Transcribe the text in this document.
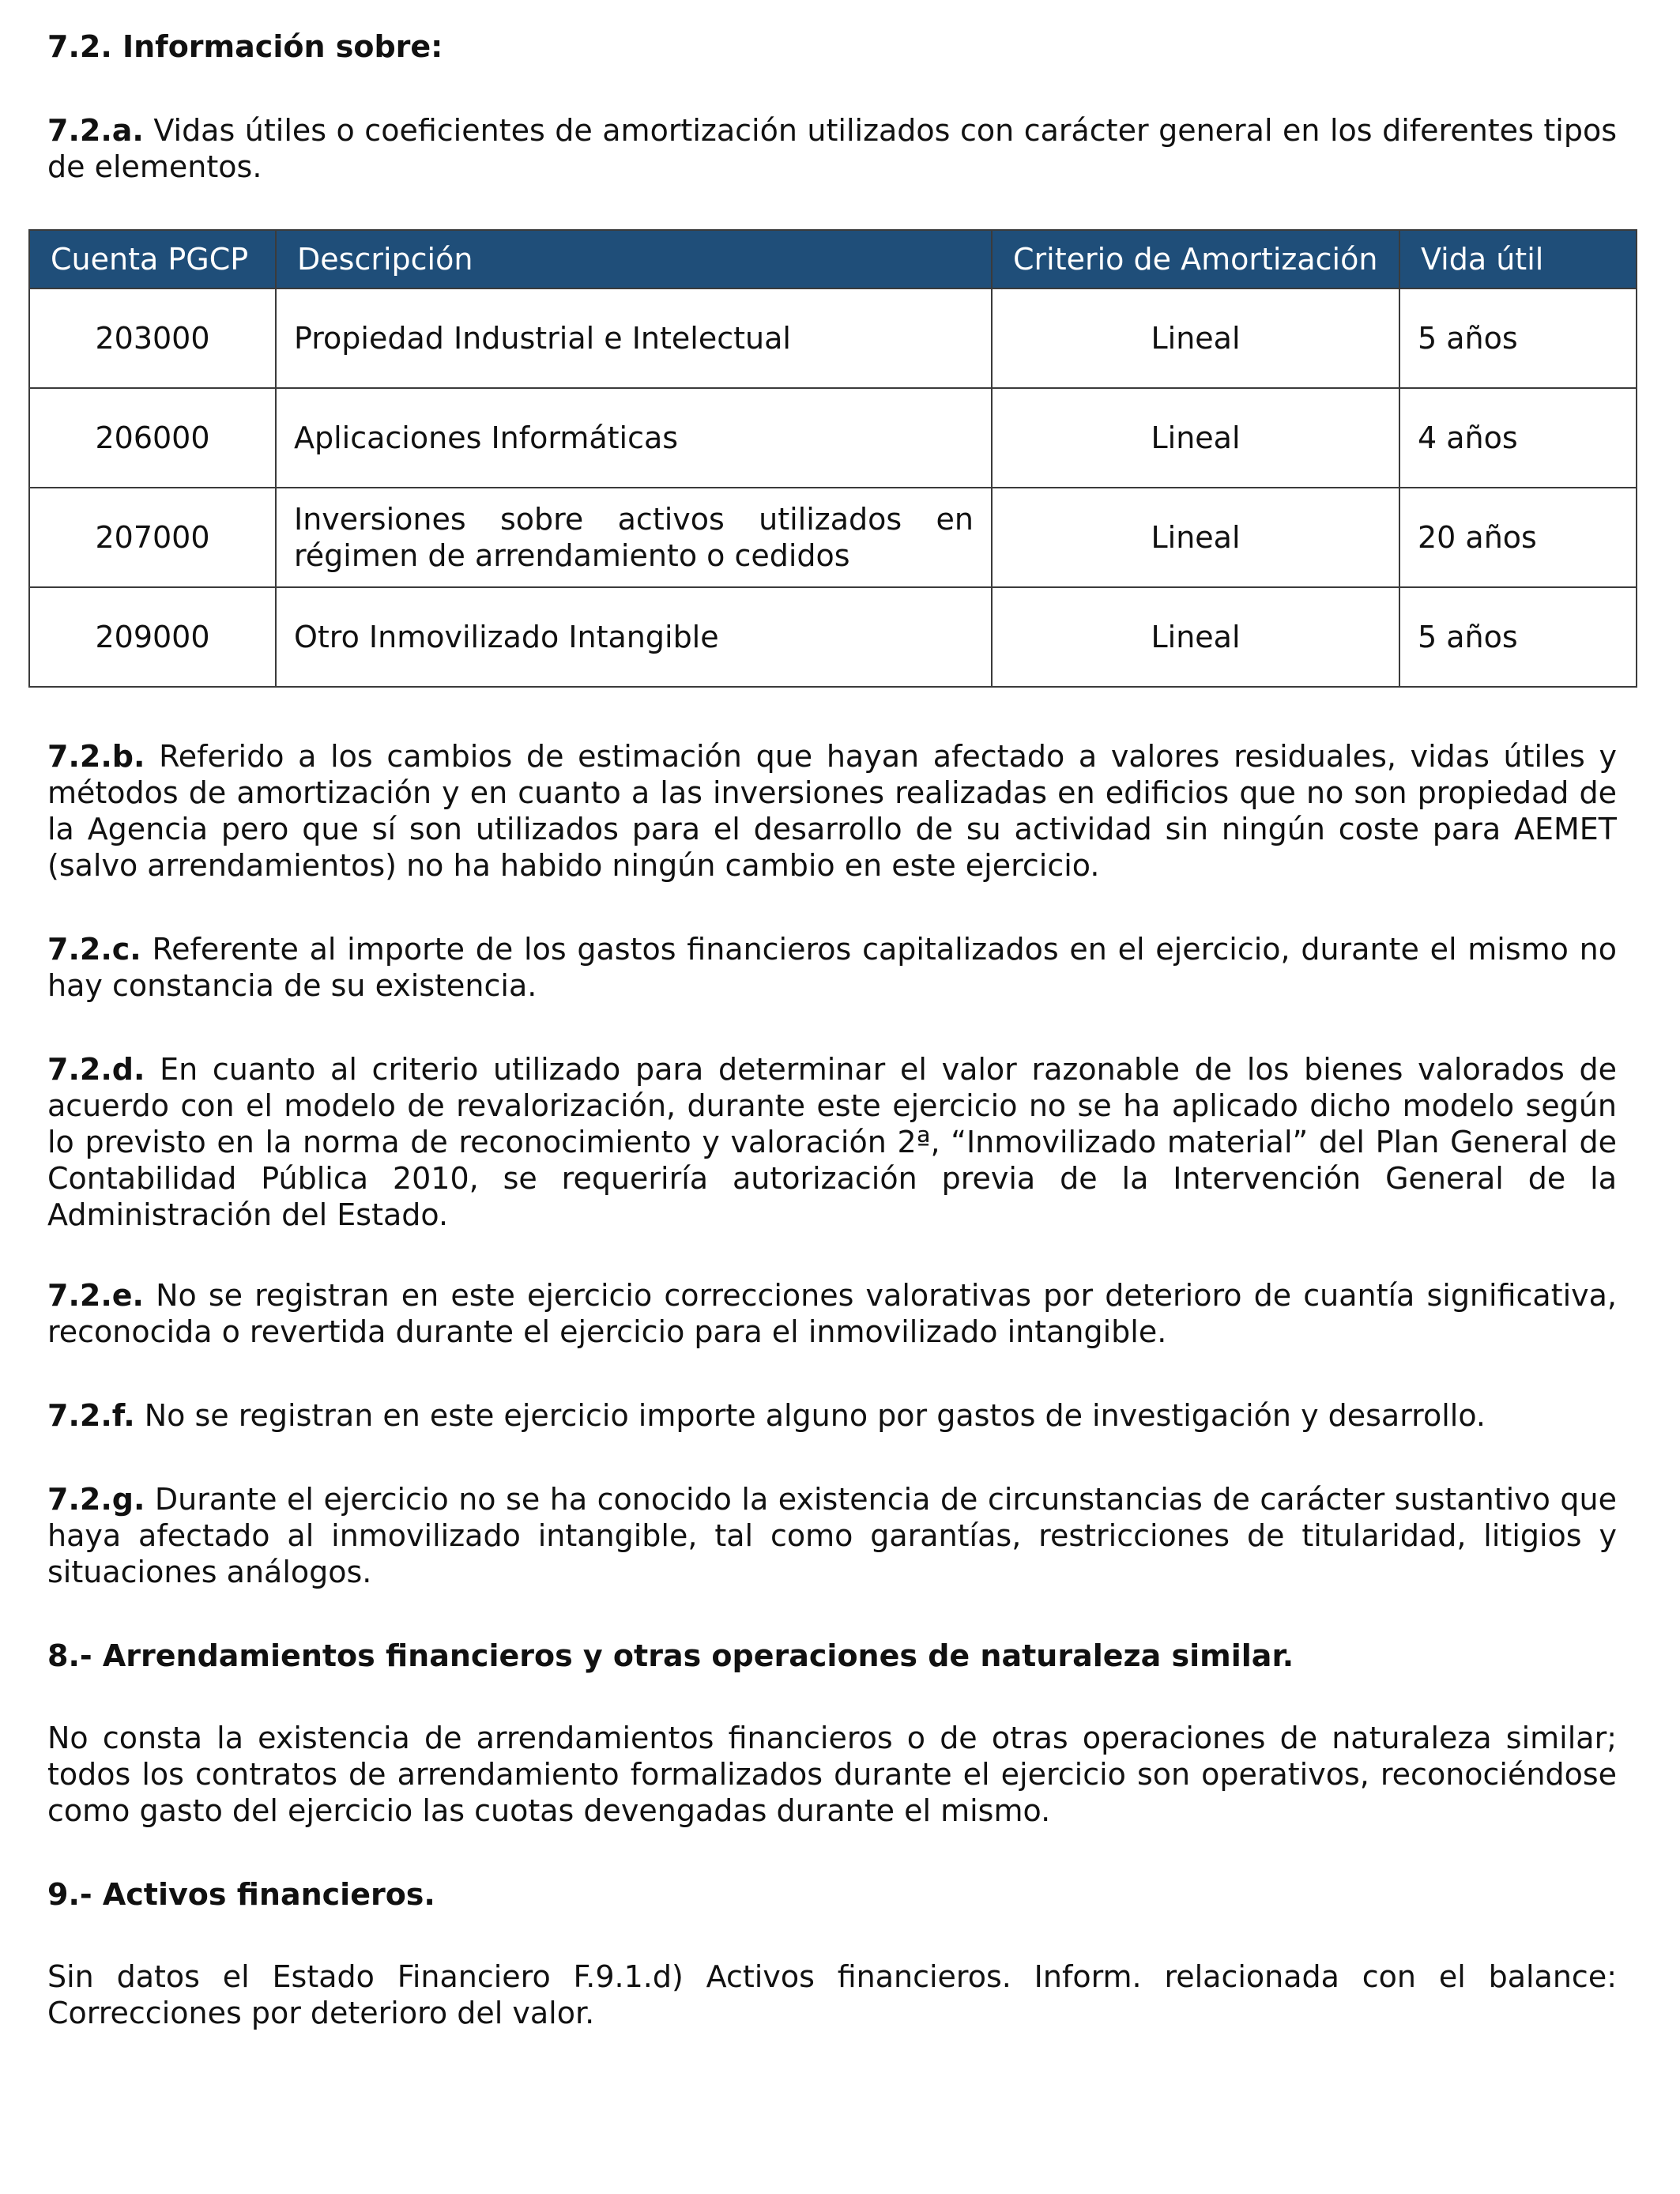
7.2. Información sobre:

7.2.a. Vidas útiles o coeficientes de amortización utilizados con carácter general en los diferentes tipos de elementos.

Cuenta PGCP	Descripción	Criterio de Amortización	Vida útil
203000	Propiedad Industrial e Intelectual	Lineal	5 años
206000	Aplicaciones Informáticas	Lineal	4 años
207000	Inversiones sobre activos utilizados en régimen de arrendamiento o cedidos	Lineal	20 años
209000	Otro Inmovilizado Intangible	Lineal	5 años

7.2.b. Referido a los cambios de estimación que hayan afectado a valores residuales, vidas útiles y métodos de amortización y en cuanto a las inversiones realizadas en edificios que no son propiedad de la Agencia pero que sí son utilizados para el desarrollo de su actividad sin ningún coste para AEMET (salvo arrendamientos) no ha habido ningún cambio en este ejercicio.

7.2.c. Referente al importe de los gastos financieros capitalizados en el ejercicio, durante el mismo no hay constancia de su existencia.

7.2.d. En cuanto al criterio utilizado para determinar el valor razonable de los bienes valorados de acuerdo con el modelo de revalorización, durante este ejercicio no se ha aplicado dicho modelo según lo previsto en la norma de reconocimiento y valoración 2ª, “Inmovilizado material” del Plan General de Contabilidad Pública 2010, se requeriría autorización previa de la Intervención General de la Administración del Estado.

7.2.e. No se registran en este ejercicio correcciones valorativas por deterioro de cuantía significativa, reconocida o revertida durante el ejercicio para el inmovilizado intangible.

7.2.f. No se registran en este ejercicio importe alguno por gastos de investigación y desarrollo.

7.2.g. Durante el ejercicio no se ha conocido la existencia de circunstancias de carácter sustantivo que haya afectado al inmovilizado intangible, tal como garantías, restricciones de titularidad, litigios y situaciones análogos.

8.- Arrendamientos financieros y otras operaciones de naturaleza similar.

No consta la existencia de arrendamientos financieros o de otras operaciones de naturaleza similar; todos los contratos de arrendamiento formalizados durante el ejercicio son operativos, reconociéndose como gasto del ejercicio las cuotas devengadas durante el mismo.

9.- Activos financieros.

Sin datos el Estado Financiero F.9.1.d) Activos financieros. Inform. relacionada con el balance: Correcciones por deterioro del valor.
